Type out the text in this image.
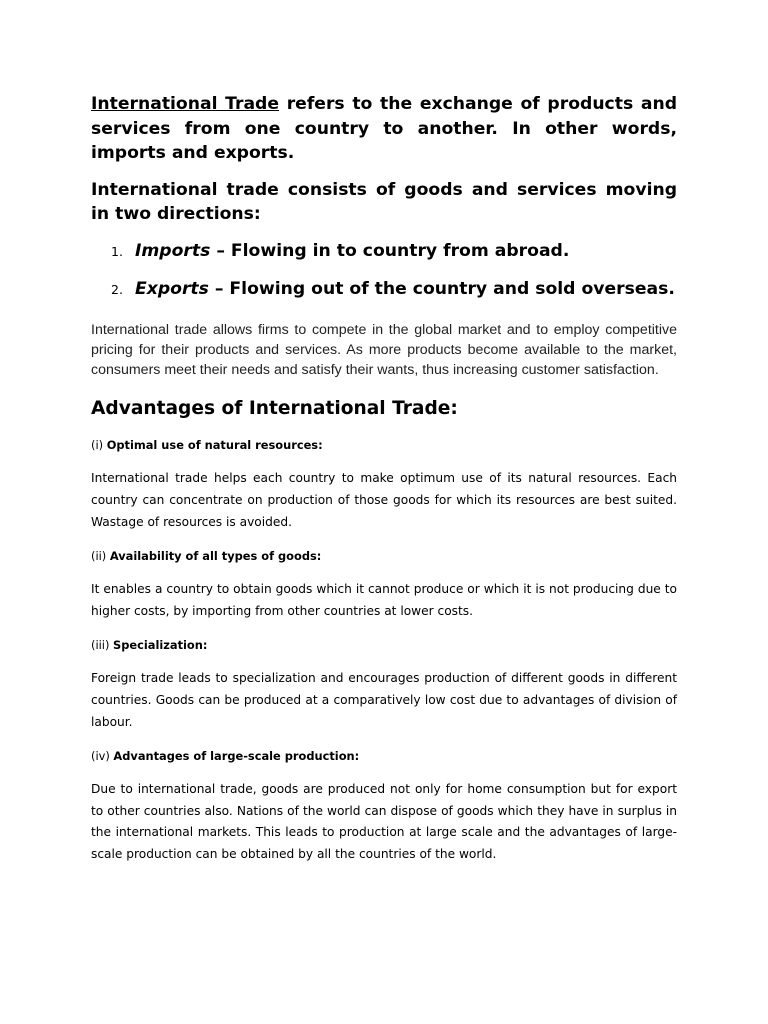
International Trade refers to the exchange of products and services from one country to another. In other words, imports and exports.

International trade consists of goods and services moving in two directions:

1. Imports – Flowing in to country from abroad.
2. Exports – Flowing out of the country and sold overseas.

International trade allows firms to compete in the global market and to employ competitive pricing for their products and services. As more products become available to the market, consumers meet their needs and satisfy their wants, thus increasing customer satisfaction.

Advantages of International Trade:

(i) Optimal use of natural resources:

International trade helps each country to make optimum use of its natural resources. Each country can concentrate on production of those goods for which its resources are best suited. Wastage of resources is avoided.

(ii) Availability of all types of goods:

It enables a country to obtain goods which it cannot produce or which it is not producing due to higher costs, by importing from other countries at lower costs.

(iii) Specialization:

Foreign trade leads to specialization and encourages production of different goods in different countries. Goods can be produced at a comparatively low cost due to advantages of division of labour.

(iv) Advantages of large-scale production:

Due to international trade, goods are produced not only for home consumption but for export to other countries also. Nations of the world can dispose of goods which they have in surplus in the international markets. This leads to production at large scale and the advantages of large-scale production can be obtained by all the countries of the world.
